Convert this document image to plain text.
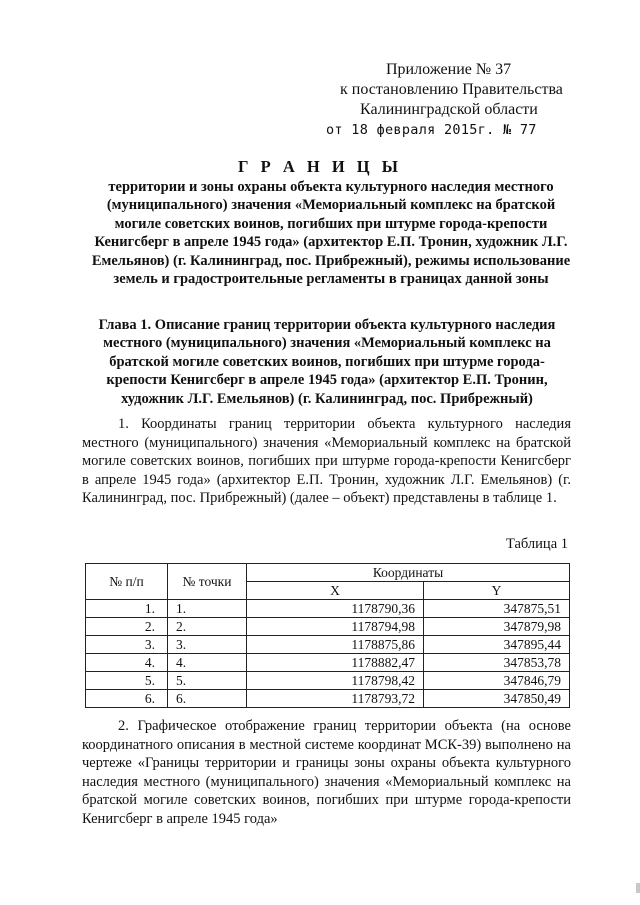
Приложение № 37
к постановлению Правительства
Калининградской области
от 18 февраля 2015г. № 77
Г Р А Н И Ц Ы
территории и зоны охраны объекта культурного наследия местного (муниципального) значения «Мемориальный комплекс на братской могиле советских воинов, погибших при штурме города-крепости Кенигсберг в апреле 1945 года» (архитектор Е.П. Тронин, художник Л.Г. Емельянов) (г. Калининград, пос. Прибрежный), режимы использование земель и градостроительные регламенты в границах данной зоны
Глава 1. Описание границ территории объекта культурного наследия местного (муниципального) значения «Мемориальный комплекс на братской могиле советских воинов, погибших при штурме города-крепости Кенигсберг в апреле 1945 года» (архитектор Е.П. Тронин, художник Л.Г. Емельянов) (г. Калининград, пос. Прибрежный)
1. Координаты границ территории объекта культурного наследия местного (муниципального) значения «Мемориальный комплекс на братской могиле советских воинов, погибших при штурме города-крепости Кенигсберг в апреле 1945 года» (архитектор Е.П. Тронин, художник Л.Г. Емельянов) (г. Калининград, пос. Прибрежный) (далее – объект) представлены в таблице 1.
Таблица 1
№ п/п	№ точки	Координаты	
		X	Y
1.	1.	1178790,36	347875,51
2.	2.	1178794,98	347879,98
3.	3.	1178875,86	347895,44
4.	4.	1178882,47	347853,78
5.	5.	1178798,42	347846,79
6.	6.	1178793,72	347850,49
2. Графическое отображение границ территории объекта (на основе координатного описания в местной системе координат МСК-39) выполнено на чертеже «Границы территории и границы зоны охраны объекта культурного наследия местного (муниципального) значения «Мемориальный комплекс на братской могиле советских воинов, погибших при штурме города-крепости Кенигсберг в апреле 1945 года»
